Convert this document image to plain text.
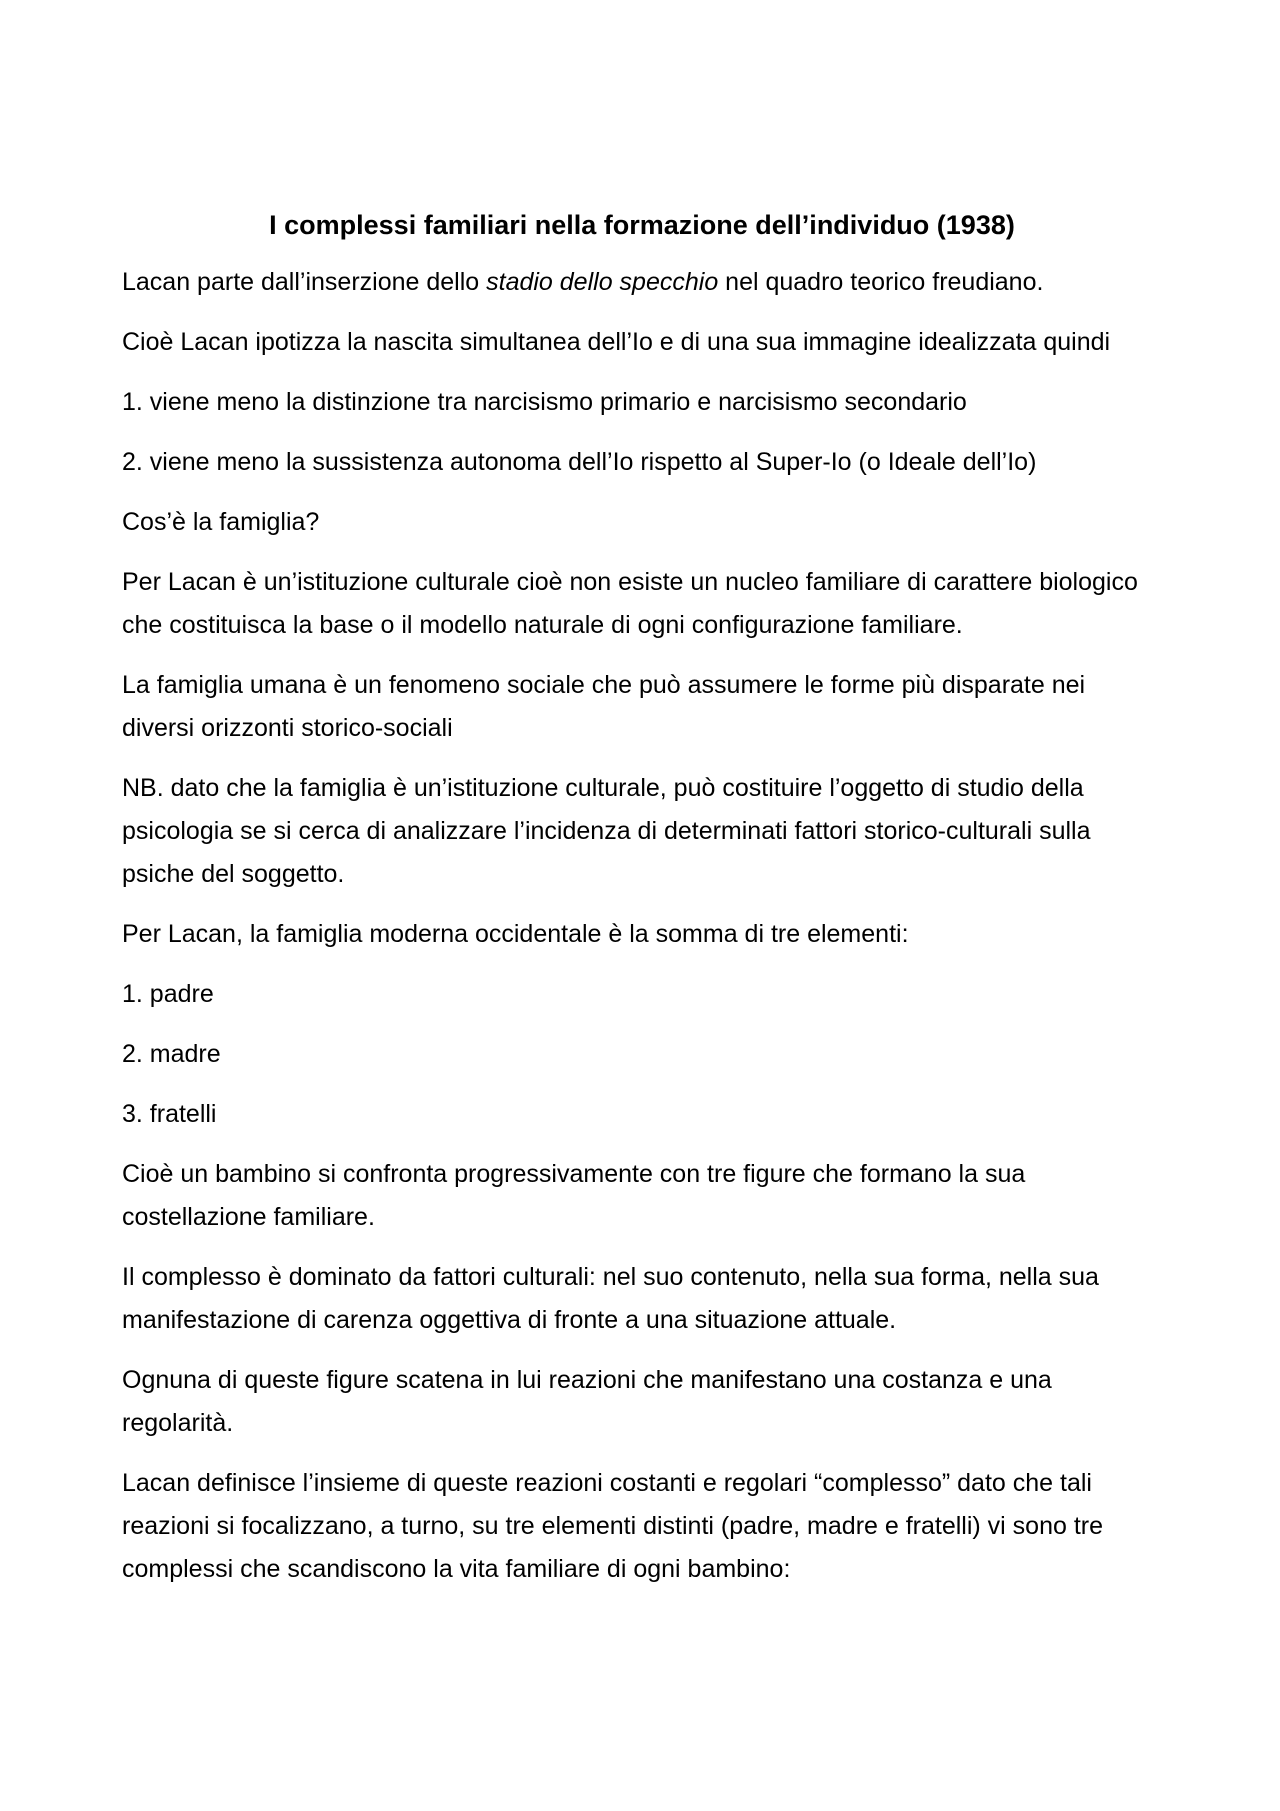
I complessi familiari nella formazione dell’individuo (1938)

Lacan parte dall’inserzione dello stadio dello specchio nel quadro teorico freudiano.

Cioè Lacan ipotizza la nascita simultanea dell’Io e di una sua immagine idealizzata quindi

1. viene meno la distinzione tra narcisismo primario e narcisismo secondario

2. viene meno la sussistenza autonoma dell’Io rispetto al Super-Io (o Ideale dell’Io)

Cos’è la famiglia?

Per Lacan è un’istituzione culturale cioè non esiste un nucleo familiare di carattere biologico che costituisca la base o il modello naturale di ogni configurazione familiare.

La famiglia umana è un fenomeno sociale che può assumere le forme più disparate nei diversi orizzonti storico-sociali

NB. dato che la famiglia è un’istituzione culturale, può costituire l’oggetto di studio della psicologia se si cerca di analizzare l’incidenza di determinati fattori storico-culturali sulla psiche del soggetto.

Per Lacan, la famiglia moderna occidentale è la somma di tre elementi:

1. padre

2. madre

3. fratelli

Cioè un bambino si confronta progressivamente con tre figure che formano la sua costellazione familiare.

Il complesso è dominato da fattori culturali: nel suo contenuto, nella sua forma, nella sua manifestazione di carenza oggettiva di fronte a una situazione attuale.

Ognuna di queste figure scatena in lui reazioni che manifestano una costanza e una regolarità.

Lacan definisce l’insieme di queste reazioni costanti e regolari “complesso” dato che tali reazioni si focalizzano, a turno, su tre elementi distinti (padre, madre e fratelli) vi sono tre complessi che scandiscono la vita familiare di ogni bambino:
